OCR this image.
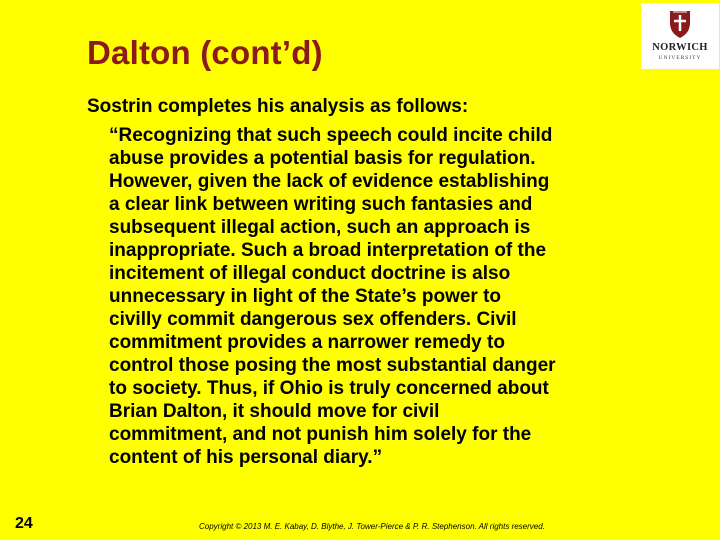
Dalton (cont’d)	NORWICH
UNIVERSITY
Sostrin completes his analysis as follows:
“Recognizing that such speech could incite child
abuse provides a potential basis for regulation.
However, given the lack of evidence establishing
a clear link between writing such fantasies and
subsequent illegal action, such an approach is
inappropriate. Such a broad interpretation of the
incitement of illegal conduct doctrine is also
unnecessary in light of the State’s power to
civilly commit dangerous sex offenders. Civil
commitment provides a narrower remedy to
control those posing the most substantial danger
to society. Thus, if Ohio is truly concerned about
Brian Dalton, it should move for civil
commitment, and not punish him solely for the
content of his personal diary.”
24	Copyright © 2013 M. E. Kabay, D. Blythe, J. Tower-Pierce & P. R. Stephenson. All rights reserved.
